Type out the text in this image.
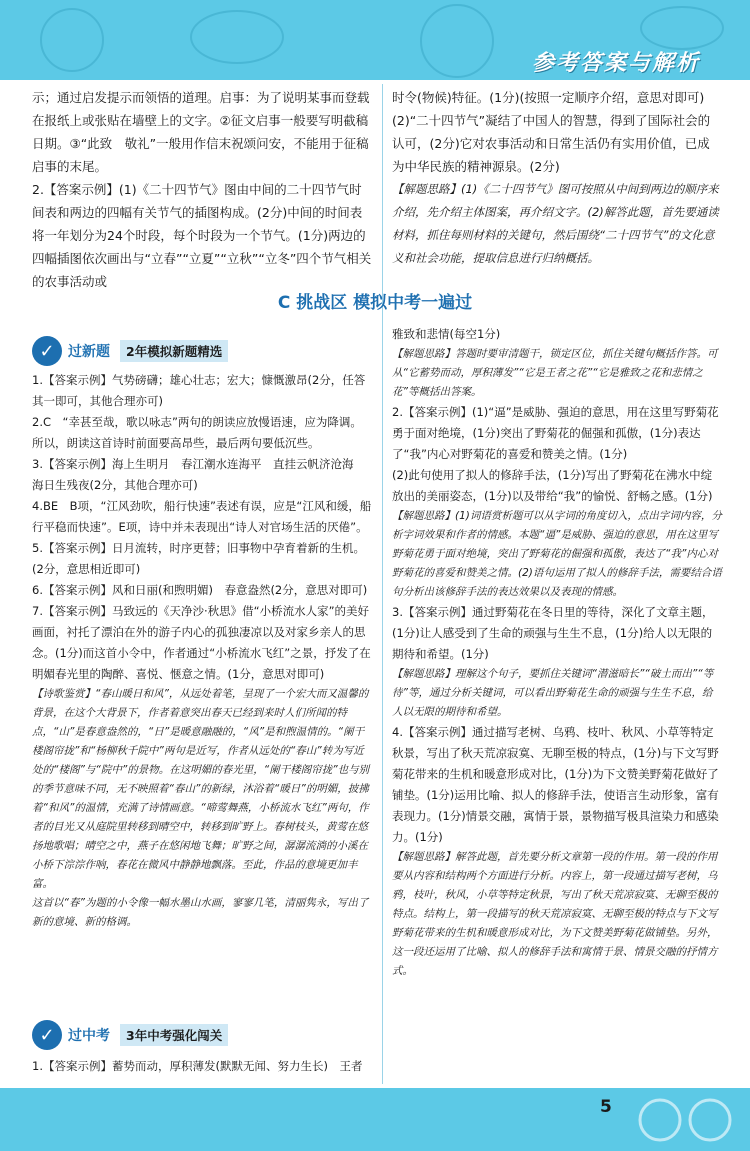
参考答案与解析

示；通过启发提示而领悟的道理。启事：为了说明某事而登载在报纸上或张贴在墙壁上的文字。②征文启事一般要写明截稿日期。③“此致　敬礼”一般用作信末祝颂问安，不能用于征稿启事的末尾。

2.【答案示例】(1)《二十四节气》图由中间的二十四节气时间表和两边的四幅有关节气的插图构成。(2分)中间的时间表将一年划分为24个时段，每个时段为一个节气。(1分)两边的四幅插图依次画出与“立春”“立夏”“立秋”“立冬”四个节气相关的农事活动或

时令(物候)特征。(1分)(按照一定顺序介绍，意思对即可)

(2)“二十四节气”凝结了中国人的智慧，得到了国际社会的认可，(2分)它对农事活动和日常生活仍有实用价值，已成为中华民族的精神源泉。(2分)

【解题思路】(1)《二十四节气》图可按照从中间到两边的顺序来介绍，先介绍主体图案，再介绍文字。(2)解答此题，首先要通读材料，抓住每则材料的关键句，然后围绕“二十四节气”的文化意义和社会功能，提取信息进行归纳概括。

C 挑战区 模拟中考一遍过
✓ 过新题	2年模拟新题精选

1.【答案示例】气势磅礴；雄心壮志；宏大；慷慨激昂(2分，任答其一即可，其他合理亦可)

2.C　“幸甚至哉，歌以咏志”两句的朗读应放慢语速，应为降调。所以，朗读这首诗时前面要高昂些，最后两句要低沉些。

3.【答案示例】海上生明月　春江潮水连海平　直挂云帆济沧海　海日生残夜(2分，其他合理亦可)

4.BE　B项，“江风劲吹，船行快速”表述有误，应是“江风和缓，船行平稳而快速”。E项，诗中并未表现出“诗人对官场生活的厌倦”。

5.【答案示例】日月流转，时序更替；旧事物中孕育着新的生机。(2分，意思相近即可)

6.【答案示例】风和日丽(和煦明媚)　春意盎然(2分，意思对即可)

7.【答案示例】马致远的《天净沙·秋思》借“小桥流水人家”的美好画面，衬托了漂泊在外的游子内心的孤独凄凉以及对家乡亲人的思念。(1分)而这首小令中，作者通过“小桥流水飞红”之景，抒发了在明媚春光里的陶醉、喜悦、惬意之情。(1分，意思对即可)

【诗歌鉴赏】“春山暖日和风”，从远处着笔，呈现了一个宏大而又温馨的背景，在这个大背景下，作者着意突出春天已经到来时人们所闻的特点，“山”是春意盎然的，“日”是暖意融融的，“风”是和煦温情的。“阑干楼阁帘拢”和“杨柳秋千院中”两句是近写，作者从远处的“春山”转为写近处的“楼阁”与“院中”的景物。在这明媚的春光里，“阑干楼阁帘拢”也与别的季节意味不同，无不映照着“春山”的新绿，沐浴着“暖日”的明媚，披拂着“和风”的温情，充满了诗情画意。“啼莺舞燕，小桥流水飞红”两句，作者的目光又从庭院里转移到晴空中，转移到旷野上。春树枝头，黄莺在悠扬地歌唱；晴空之中，燕子在悠闲地飞舞；旷野之间，潺潺流淌的小溪在小桥下淙淙作响，春花在微风中静静地飘落。至此，作品的意境更加丰富。

这首以“春”为题的小令像一幅水墨山水画，寥寥几笔，清丽隽永，写出了新的意境、新的格调。

✓ 过中考	3年中考强化闯关

1.【答案示例】蓄势而动，厚积薄发(默默无闻、努力生长)　王者

雅致和悲情(每空1分)

【解题思路】答题时要审清题干，锁定区位，抓住关键句概括作答。可从“它蓄势而动，厚积薄发”“它是王者之花”“它是雅致之花和悲情之花”等概括出答案。

2.【答案示例】(1)“逼”是威胁、强迫的意思，用在这里写野菊花勇于面对绝境，(1分)突出了野菊花的倔强和孤傲，(1分)表达了“我”内心对野菊花的喜爱和赞美之情。(1分)

(2)此句使用了拟人的修辞手法，(1分)写出了野菊花在沸水中绽放出的美丽姿态，(1分)以及带给“我”的愉悦、舒畅之感。(1分)

【解题思路】(1)词语赏析题可以从字词的角度切入，点出字词内容，分析字词效果和作者的情感。本题“逼”是威胁、强迫的意思，用在这里写野菊花勇于面对绝境，突出了野菊花的倔强和孤傲，表达了“我”内心对野菊花的喜爱和赞美之情。(2)语句运用了拟人的修辞手法，需要结合语句分析出该修辞手法的表达效果以及表现的情感。

3.【答案示例】通过野菊花在冬日里的等待，深化了文章主题，(1分)让人感受到了生命的顽强与生生不息，(1分)给人以无限的期待和希望。(1分)

【解题思路】理解这个句子，要抓住关键词“潜滋暗长”“破土而出”“等待”等，通过分析关键词，可以看出野菊花生命的顽强与生生不息，给人以无限的期待和希望。

4.【答案示例】通过描写老树、乌鸦、枝叶、秋风、小草等特定秋景，写出了秋天荒凉寂寞、无聊至极的特点，(1分)与下文写野菊花带来的生机和暖意形成对比，(1分)为下文赞美野菊花做好了铺垫。(1分)运用比喻、拟人的修辞手法，使语言生动形象，富有表现力。(1分)情景交融，寓情于景，景物描写极具渲染力和感染力。(1分)

【解题思路】解答此题，首先要分析文章第一段的作用。第一段的作用要从内容和结构两个方面进行分析。内容上，第一段通过描写老树，乌鸦，枝叶，秋风，小草等特定秋景，写出了秋天荒凉寂寞、无聊至极的特点。结构上，第一段描写的秋天荒凉寂寞、无聊至极的特点与下文写野菊花带来的生机和暖意形成对比，为下文赞美野菊花做铺垫。另外，这一段还运用了比喻、拟人的修辞手法和寓情于景、情景交融的抒情方式。

5
